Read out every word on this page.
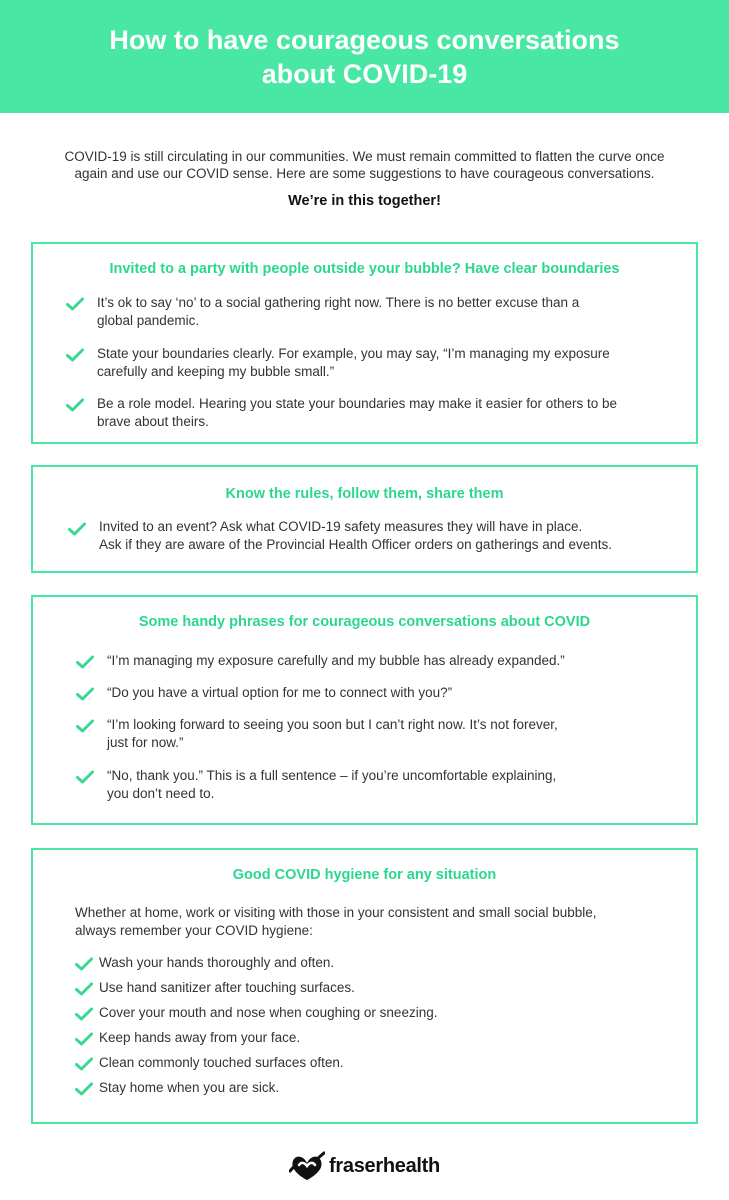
How to have courageous conversations
about COVID-19
COVID-19 is still circulating in our communities. We must remain committed to flatten the curve once
again and use our COVID sense. Here are some suggestions to have courageous conversations.
We’re in this together!
Invited to a party with people outside your bubble? Have clear boundaries
It’s ok to say ‘no’ to a social gathering right now. There is no better excuse than a
global pandemic.
State your boundaries clearly. For example, you may say, “I’m managing my exposure
carefully and keeping my bubble small.”
Be a role model. Hearing you state your boundaries may make it easier for others to be
brave about theirs.
Know the rules, follow them, share them
Invited to an event? Ask what COVID-19 safety measures they will have in place.
Ask if they are aware of the Provincial Health Officer orders on gatherings and events.
Some handy phrases for courageous conversations about COVID
“I’m managing my exposure carefully and my bubble has already expanded.”
“Do you have a virtual option for me to connect with you?”
“I’m looking forward to seeing you soon but I can’t right now. It’s not forever,
just for now.”
“No, thank you.” This is a full sentence – if you’re uncomfortable explaining,
you don’t need to.
Good COVID hygiene for any situation
Whether at home, work or visiting with those in your consistent and small social bubble,
always remember your COVID hygiene:
Wash your hands thoroughly and often.
Use hand sanitizer after touching surfaces.
Cover your mouth and nose when coughing or sneezing.
Keep hands away from your face.
Clean commonly touched surfaces often.
Stay home when you are sick.
fraserhealth
